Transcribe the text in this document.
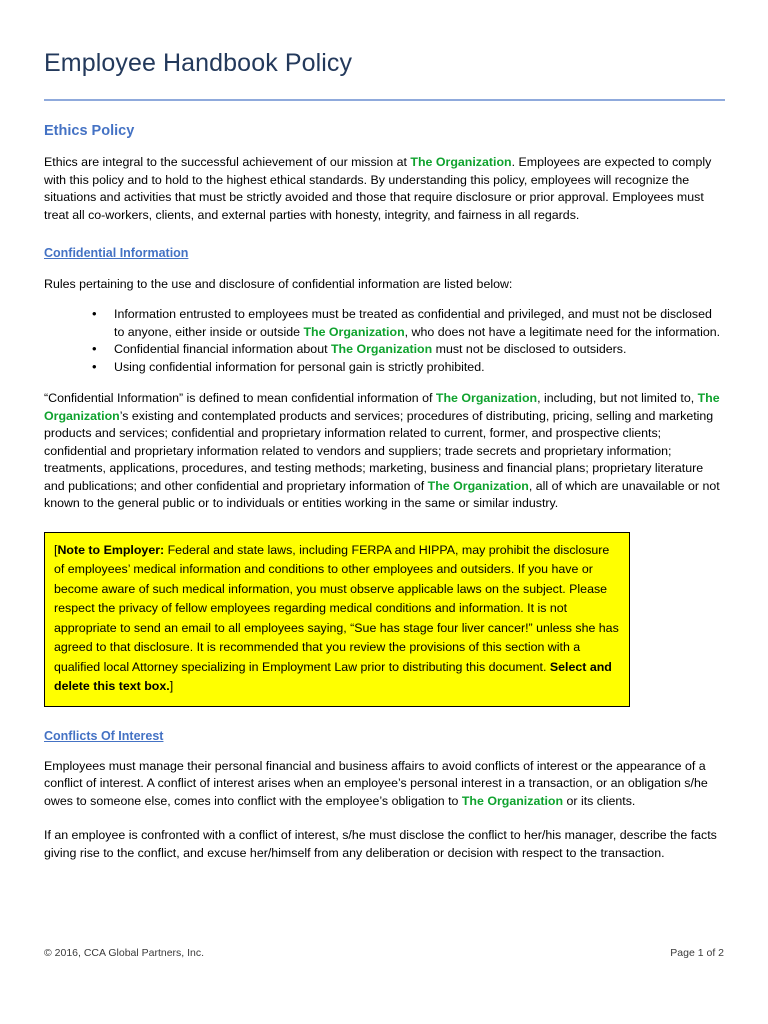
Employee Handbook Policy
Ethics Policy

Ethics are integral to the successful achievement of our mission at The Organization. Employees are expected to comply with this policy and to hold to the highest ethical standards. By understanding this policy, employees will recognize the situations and activities that must be strictly avoided and those that require disclosure or prior approval. Employees must treat all co-workers, clients, and external parties with honesty, integrity, and fairness in all regards.

Confidential Information

Rules pertaining to the use and disclosure of confidential information are listed below:

• Information entrusted to employees must be treated as confidential and privileged, and must not be disclosed to anyone, either inside or outside The Organization, who does not have a legitimate need for the information.
• Confidential financial information about The Organization must not be disclosed to outsiders.
• Using confidential information for personal gain is strictly prohibited.

“Confidential Information” is defined to mean confidential information of The Organization, including, but not limited to, The Organization’s existing and contemplated products and services; procedures of distributing, pricing, selling and marketing products and services; confidential and proprietary information related to current, former, and prospective clients; confidential and proprietary information related to vendors and suppliers; trade secrets and proprietary information; treatments, applications, procedures, and testing methods; marketing, business and financial plans; proprietary literature and publications; and other confidential and proprietary information of The Organization, all of which are unavailable or not known to the general public or to individuals or entities working in the same or similar industry.

[Note to Employer: Federal and state laws, including FERPA and HIPPA, may prohibit the disclosure of employees’ medical information and conditions to other employees and outsiders. If you have or become aware of such medical information, you must observe applicable laws on the subject. Please respect the privacy of fellow employees regarding medical conditions and information. It is not appropriate to send an email to all employees saying, “Sue has stage four liver cancer!” unless she has agreed to that disclosure. It is recommended that you review the provisions of this section with a qualified local Attorney specializing in Employment Law prior to distributing this document. Select and delete this text box.]

Conflicts Of Interest

Employees must manage their personal financial and business affairs to avoid conflicts of interest or the appearance of a conflict of interest. A conflict of interest arises when an employee’s personal interest in a transaction, or an obligation s/he owes to someone else, comes into conflict with the employee’s obligation to The Organization or its clients.

If an employee is confronted with a conflict of interest, s/he must disclose the conflict to her/his manager, describe the facts giving rise to the conflict, and excuse her/himself from any deliberation or decision with respect to the transaction.

© 2016, CCA Global Partners, Inc.	Page 1 of 2
